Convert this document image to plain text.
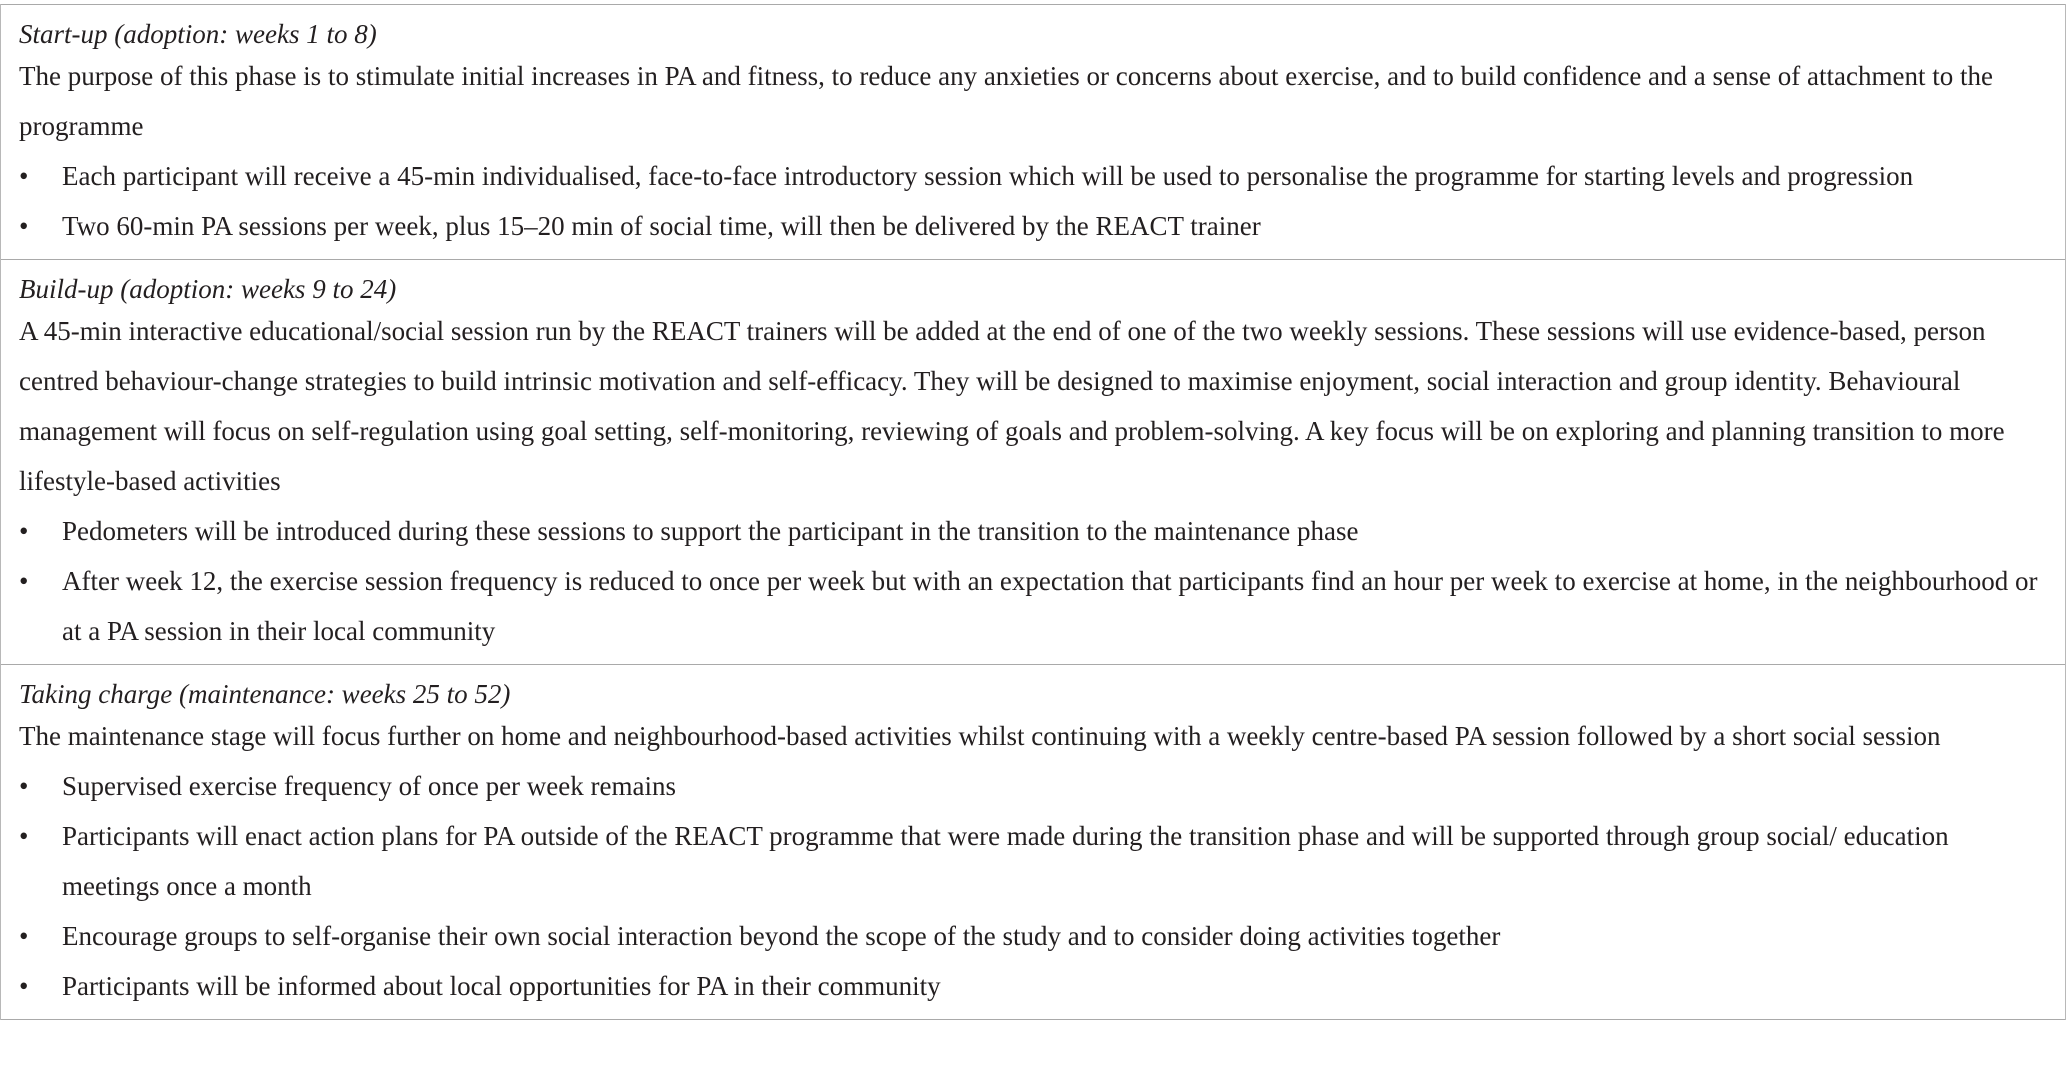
Start-up (adoption: weeks 1 to 8)

The purpose of this phase is to stimulate initial increases in PA and fitness, to reduce any anxieties or concerns about exercise, and to build confidence and a sense of attachment to the programme

•	Each participant will receive a 45-min individualised, face-to-face introductory session which will be used to personalise the programme for starting levels and progression
•	Two 60-min PA sessions per week, plus 15–20 min of social time, will then be delivered by the REACT trainer
Build-up (adoption: weeks 9 to 24)

A 45-min interactive educational/social session run by the REACT trainers will be added at the end of one of the two weekly sessions. These sessions will use evidence-based, person centred behaviour-change strategies to build intrinsic motivation and self-efficacy. They will be designed to maximise enjoyment, social interaction and group identity. Behavioural management will focus on self-regulation using goal setting, self-monitoring, reviewing of goals and problem-solving. A key focus will be on exploring and planning transition to more lifestyle-based activities

•	Pedometers will be introduced during these sessions to support the participant in the transition to the maintenance phase
•	After week 12, the exercise session frequency is reduced to once per week but with an expectation that participants find an hour per week to exercise at home, in the neighbourhood or at a PA session in their local community
Taking charge (maintenance: weeks 25 to 52)

The maintenance stage will focus further on home and neighbourhood-based activities whilst continuing with a weekly centre-based PA session followed by a short social session

•	Supervised exercise frequency of once per week remains
•	Participants will enact action plans for PA outside of the REACT programme that were made during the transition phase and will be supported through group social/ education meetings once a month
•	Encourage groups to self-organise their own social interaction beyond the scope of the study and to consider doing activities together
•	Participants will be informed about local opportunities for PA in their community
